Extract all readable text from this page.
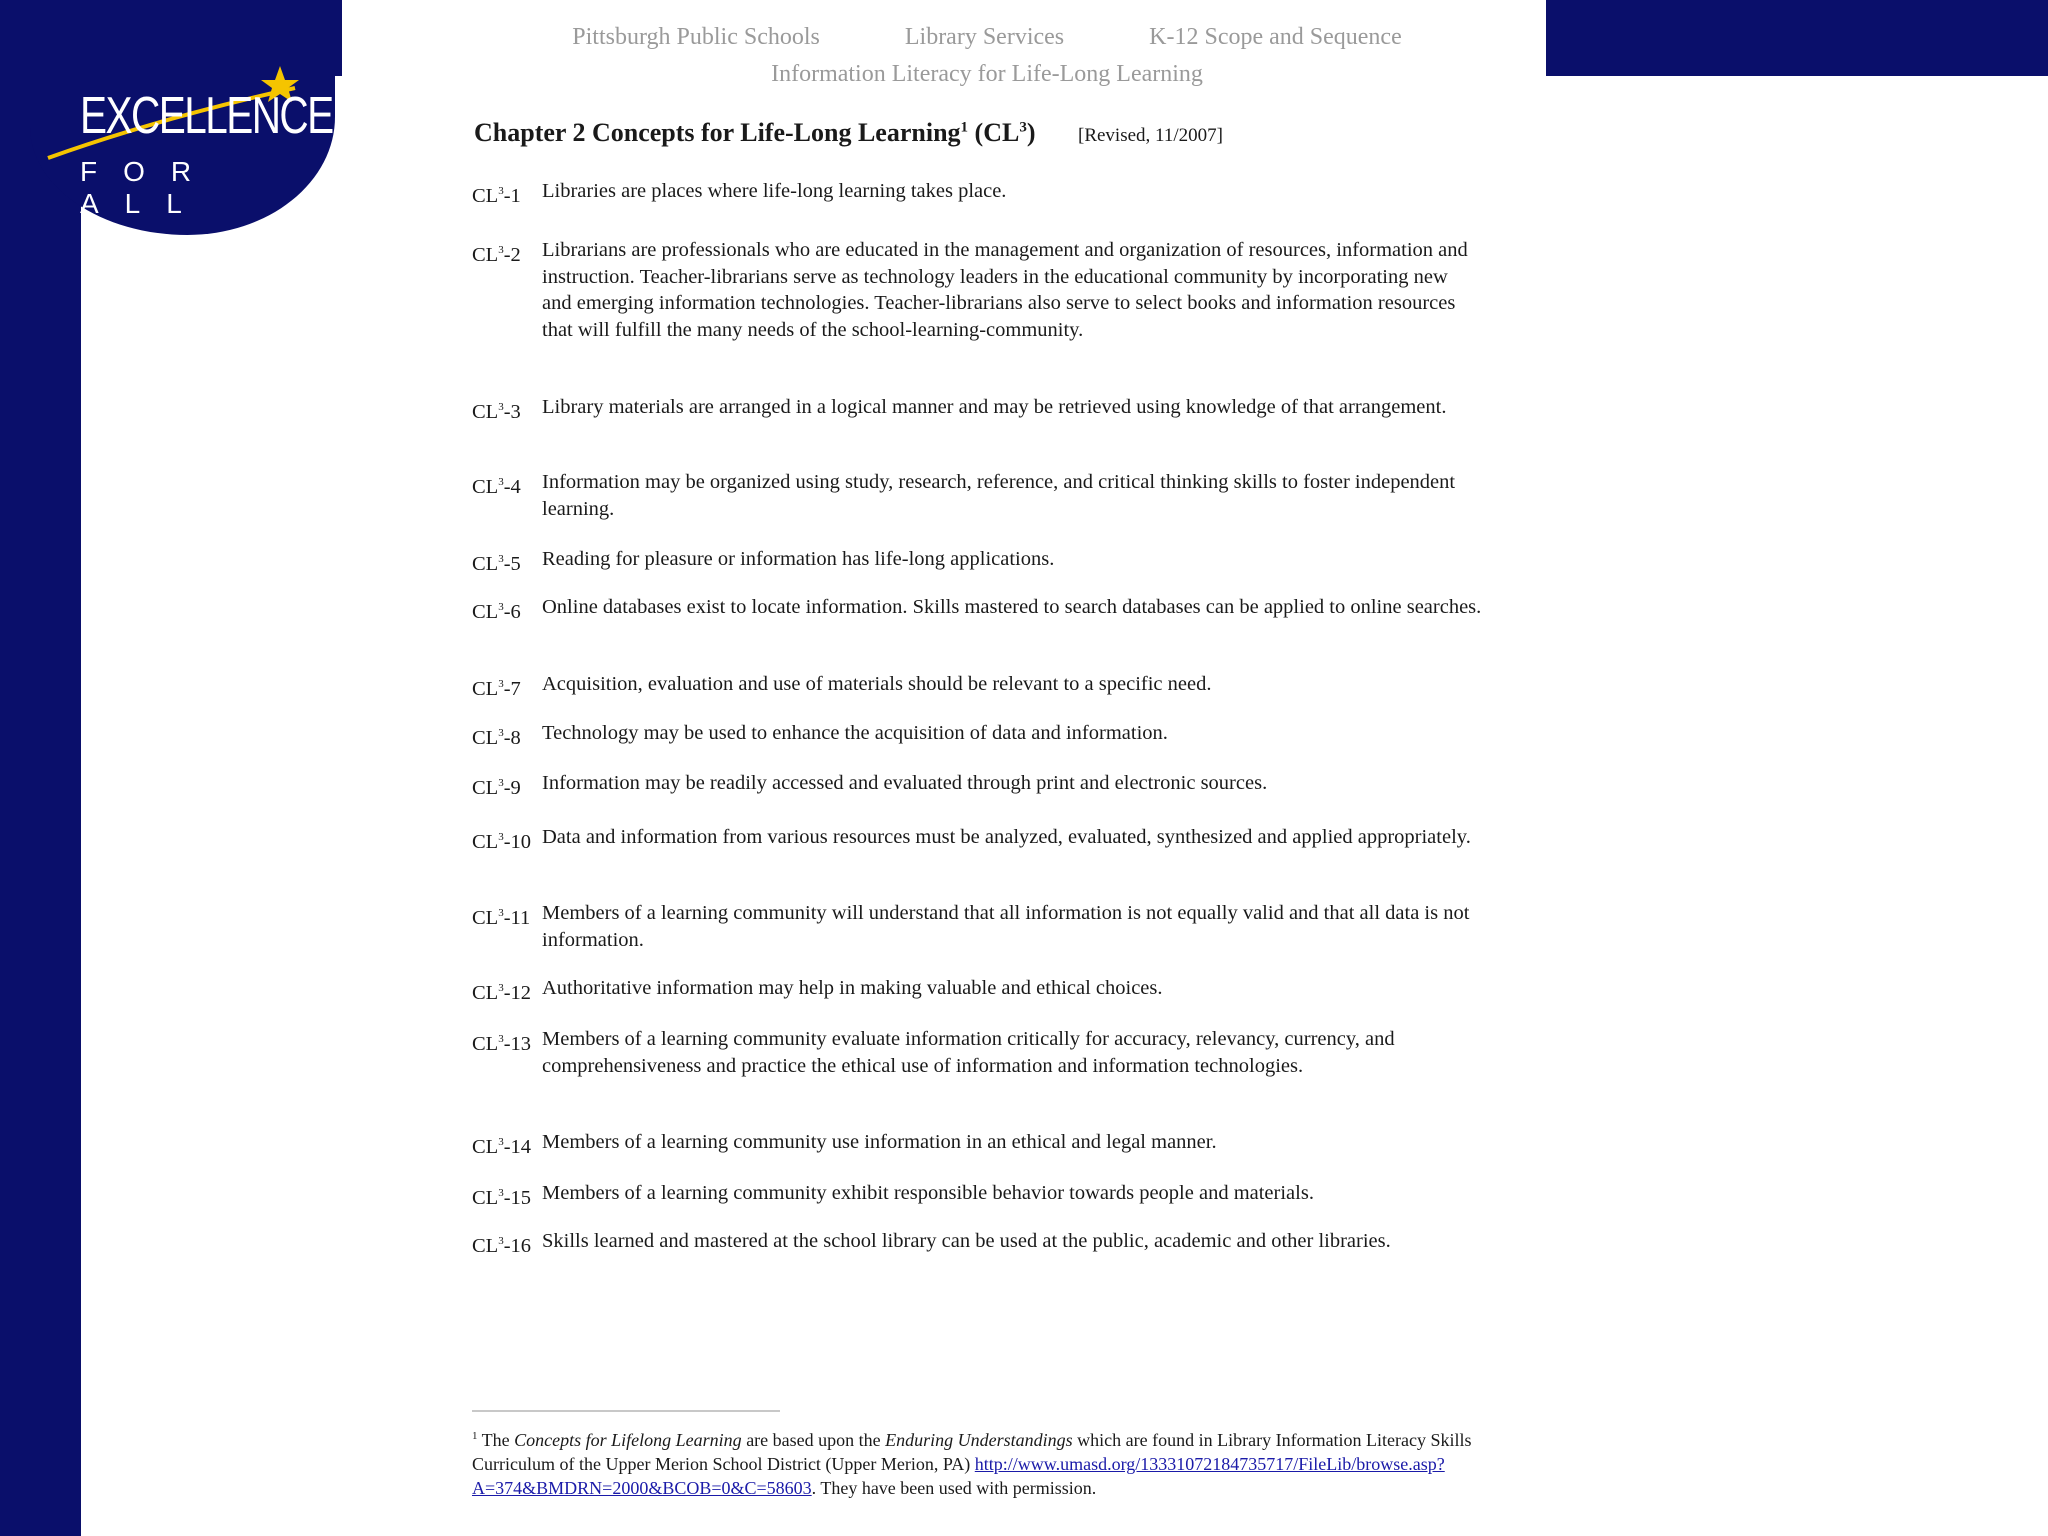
EXCELLENCE
FOR ALL
Pittsburgh Public Schools	Library Services	K-12 Scope and Sequence
Information Literacy for Life-Long Learning
Chapter 2 Concepts for Life-Long Learning$^1$ $(CL^3)$ [Revised, 11/2007]
$CL^3-1$	Libraries are places where life-long learning takes place.
$CL^3-2$	Librarians are professionals who are educated in the management and organization of resources, information and instruction. Teacher-librarians serve as technology leaders in the educational community by incorporating new and emerging information technologies. Teacher-librarians also serve to select books and information resources that will fulfill the many needs of the school-learning-community.
$CL^3-3$	Library materials are arranged in a logical manner and may be retrieved using knowledge of that arrangement.
$CL^3-4$	Information may be organized using study, research, reference, and critical thinking skills to foster independent learning.
$CL^3-5$	Reading for pleasure or information has life-long applications.
$CL^3-6$	Online databases exist to locate information. Skills mastered to search databases can be applied to online searches.
$CL^3-7$	Acquisition, evaluation and use of materials should be relevant to a specific need.
$CL^3-8$	Technology may be used to enhance the acquisition of data and information.
$CL^3-9$	Information may be readily accessed and evaluated through print and electronic sources.
$CL^3-10$ Data and information from various resources must be analyzed, evaluated, synthesized and applied appropriately.
$CL^3-11$ Members of a learning community will understand that all information is not equally valid and that all data is not information.
$CL^3-12$ Authoritative information may help in making valuable and ethical choices.
$CL^3-13$ Members of a learning community evaluate information critically for accuracy, relevancy, currency, and comprehensiveness and practice the ethical use of information and information technologies.
$CL^3-14$ Members of a learning community use information in an ethical and legal manner.
$CL^3-15$ Members of a learning community exhibit responsible behavior towards people and materials.
$CL^3-16$ Skills learned and mastered at the school library can be used at the public, academic and other libraries.
$^1$ The Concepts for Lifelong Learning are based upon the Enduring Understandings which are found in Library Information Literacy Skills Curriculum of the Upper Merion School District (Upper Merion, PA) http://www.umasd.org/13331072184735717/FileLib/browse.asp?A=374&BMDRN=2000&BCOB=0&C=58603. They have been used with permission.
